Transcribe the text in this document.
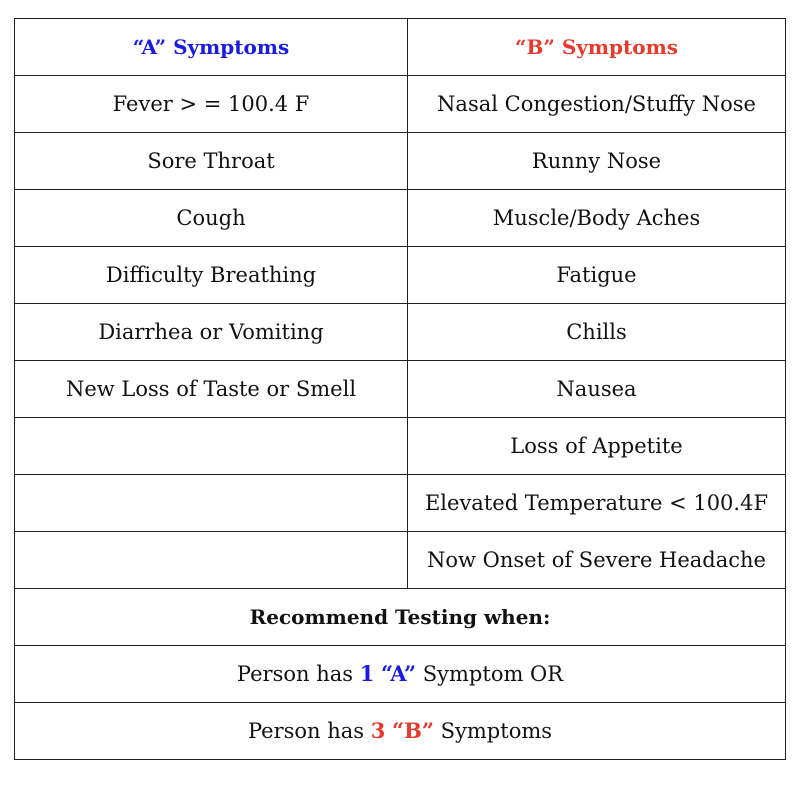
“A” Symptoms	“B” Symptoms
Fever > = 100.4 F	Nasal Congestion/Stuffy Nose
Sore Throat	Runny Nose
Cough	Muscle/Body Aches
Difficulty Breathing	Fatigue
Diarrhea or Vomiting	Chills
New Loss of Taste or Smell	Nausea
	Loss of Appetite
	Elevated Temperature < 100.4F
	Now Onset of Severe Headache
Recommend Testing when:	
Person has 1 “A” Symptom OR	
Person has 3 “B” Symptoms	
